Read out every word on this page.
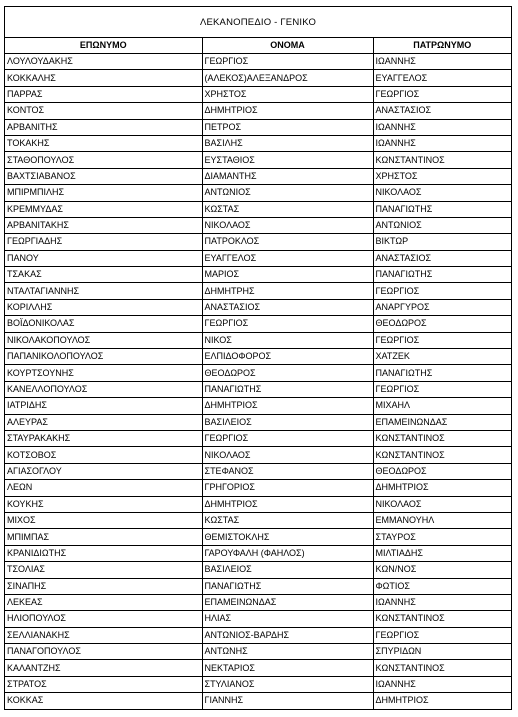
ΛΕΚΑΝΟΠΕΔΙΟ - ΓΕΝΙΚΟ
ΕΠΩΝΥΜΟ	ΟΝΟΜΑ	ΠΑΤΡΩΝΥΜΟ
ΛΟΥΛΟΥΔΑΚΗΣ	ΓΕΩΡΓΙΟΣ	ΙΩΑΝΝΗΣ
ΚΟΚΚΑΛΗΣ	(ΑΛΕΚΟΣ)ΑΛΕΞΑΝΔΡΟΣ	ΕΥΑΓΓΕΛΟΣ
ΠΑΡΡΑΣ	ΧΡΗΣΤΟΣ	ΓΕΩΡΓΙΟΣ
ΚΟΝΤΟΣ	ΔΗΜΗΤΡΙΟΣ	ΑΝΑΣΤΑΣΙΟΣ
ΑΡΒΑΝΙΤΗΣ	ΠΕΤΡΟΣ	ΙΩΑΝΝΗΣ
ΤΟΚΑΚΗΣ	ΒΑΣΙΛΗΣ	ΙΩΑΝΝΗΣ
ΣΤΑΘΟΠΟΥΛΟΣ	ΕΥΣΤΑΘΙΟΣ	ΚΩΝΣΤΑΝΤΙΝΟΣ
ΒΑΧΤΣΙΑΒΑΝΟΣ	ΔΙΑΜΑΝΤΗΣ	ΧΡΗΣΤΟΣ
ΜΠΙΡΜΠΙΛΗΣ	ΑΝΤΩΝΙΟΣ	ΝΙΚΟΛΑΟΣ
ΚΡΕΜΜΥΔΑΣ	ΚΩΣΤΑΣ	ΠΑΝΑΓΙΩΤΗΣ
ΑΡΒΑΝΙΤΑΚΗΣ	ΝΙΚΟΛΑΟΣ	ΑΝΤΩΝΙΟΣ
ΓΕΩΡΓΙΑΔΗΣ	ΠΑΤΡΟΚΛΟΣ	ΒΙΚΤΩΡ
ΠΑΝΟΥ	ΕΥΑΓΓΕΛΟΣ	ΑΝΑΣΤΑΣΙΟΣ
ΤΣΑΚΑΣ	ΜΑΡΙΟΣ	ΠΑΝΑΓΙΩΤΗΣ
ΝΤΑΛΤΑΓΙΑΝΝΗΣ	ΔΗΜΗΤΡΗΣ	ΓΕΩΡΓΙΟΣ
ΚΟΡΙΛΛΗΣ	ΑΝΑΣΤΑΣΙΟΣ	ΑΝΑΡΓΥΡΟΣ
ΒΟΪΔΟΝΙΚΟΛΑΣ	ΓΕΩΡΓΙΟΣ	ΘΕΟΔΩΡΟΣ
ΝΙΚΟΛΑΚΟΠΟΥΛΟΣ	ΝΙΚΟΣ	ΓΕΩΡΓΙΟΣ
ΠΑΠΑΝΙΚΟΛΟΠΟΥΛΟΣ	ΕΛΠΙΔΟΦΟΡΟΣ	ΧΑΤΖΕΚ
ΚΟΥΡΤΣΟΥΝΗΣ	ΘΕΟΔΩΡΟΣ	ΠΑΝΑΓΙΩΤΗΣ
ΚΑΝΕΛΛΟΠΟΥΛΟΣ	ΠΑΝΑΓΙΩΤΗΣ	ΓΕΩΡΓΙΟΣ
ΙΑΤΡΙΔΗΣ	ΔΗΜΗΤΡΙΟΣ	ΜΙΧΑΗΛ
ΑΛΕΥΡΑΣ	ΒΑΣΙΛΕΙΟΣ	ΕΠΑΜΕΙΝΩΝΔΑΣ
ΣΤΑΥΡΑΚΑΚΗΣ	ΓΕΩΡΓΙΟΣ	ΚΩΝΣΤΑΝΤΙΝΟΣ
ΚΟΤΣΟΒΟΣ	ΝΙΚΟΛΑΟΣ	ΚΩΝΣΤΑΝΤΙΝΟΣ
ΑΓΙΑΣΟΓΛΟΥ	ΣΤΕΦΑΝΟΣ	ΘΕΟΔΩΡΟΣ
ΛΕΩΝ	ΓΡΗΓΟΡΙΟΣ	ΔΗΜΗΤΡΙΟΣ
ΚΟΥΚΗΣ	ΔΗΜΗΤΡΙΟΣ	ΝΙΚΟΛΑΟΣ
ΜΙΧΟΣ	ΚΩΣΤΑΣ	ΕΜΜΑΝΟΥΗΛ
ΜΠΙΜΠΑΣ	ΘΕΜΙΣΤΟΚΛΗΣ	ΣΤΑΥΡΟΣ
ΚΡΑΝΙΔΙΩΤΗΣ	ΓΑΡΟΥΦΑΛΗ (ΦΑΗΛΟΣ)	ΜΙΛΤΙΑΔΗΣ
ΤΣΟΛΙΑΣ	ΒΑΣΙΛΕΙΟΣ	ΚΩΝ/ΝΟΣ
ΣΙΝΑΠΗΣ	ΠΑΝΑΓΙΩΤΗΣ	ΦΩΤΙΟΣ
ΛΕΚΕΑΣ	ΕΠΑΜΕΙΝΩΝΔΑΣ	ΙΩΑΝΝΗΣ
ΗΛΙΟΠΟΥΛΟΣ	ΗΛΙΑΣ	ΚΩΝΣΤΑΝΤΙΝΟΣ
ΣΕΛΛΙΑΝΑΚΗΣ	ΑΝΤΩΝΙΟΣ-ΒΑΡΔΗΣ	ΓΕΩΡΓΙΟΣ
ΠΑΝΑΓΟΠΟΥΛΟΣ	ΑΝΤΩΝΗΣ	ΣΠΥΡΙΔΩΝ
ΚΑΛΑΝΤΖΗΣ	ΝΕΚΤΑΡΙΟΣ	ΚΩΝΣΤΑΝΤΙΝΟΣ
ΣΤΡΑΤΟΣ	ΣΤΥΛΙΑΝΟΣ	ΙΩΑΝΝΗΣ
ΚΟΚΚΑΣ	ΓΙΑΝΝΗΣ	ΔΗΜΗΤΡΙΟΣ
